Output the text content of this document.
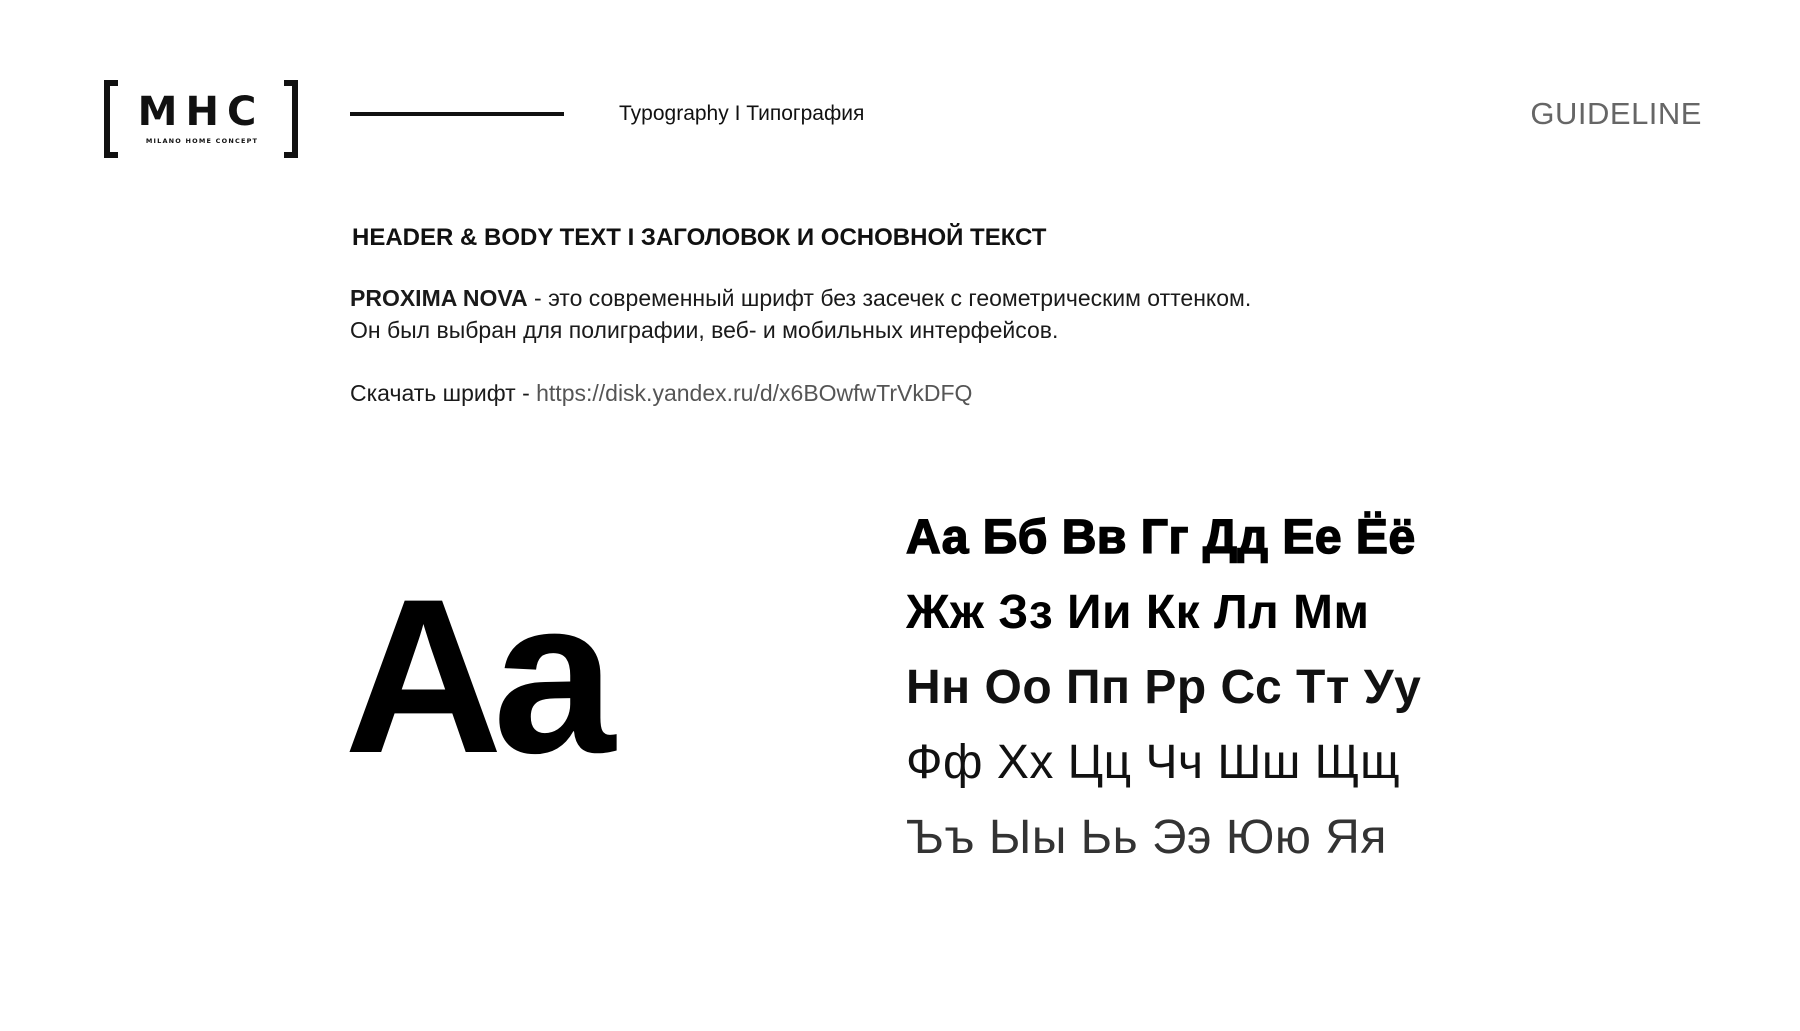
MHC
MILANO HOME CONCEPT
Typography I Типография	GUIDELINE
HEADER & BODY TEXT I ЗАГОЛОВОК И ОСНОВНОЙ ТЕКСТ
PROXIMA NOVA - это современный шрифт без засечек с геометрическим оттенком.
Он был выбран для полиграфии, веб- и мобильных интерфейсов.
Скачать шрифт - https://disk.yandex.ru/d/x6BOwfwTrVkDFQ
Aa
Аа Бб Вв Гг Дд Ее Ёё
Жж Зз Ии Кк Лл Мм
Нн Оо Пп Рр Сс Тт Уу
Фф Хх Цц Чч Шш Щщ
Ъъ Ыы Ьь Ээ Юю Яя
